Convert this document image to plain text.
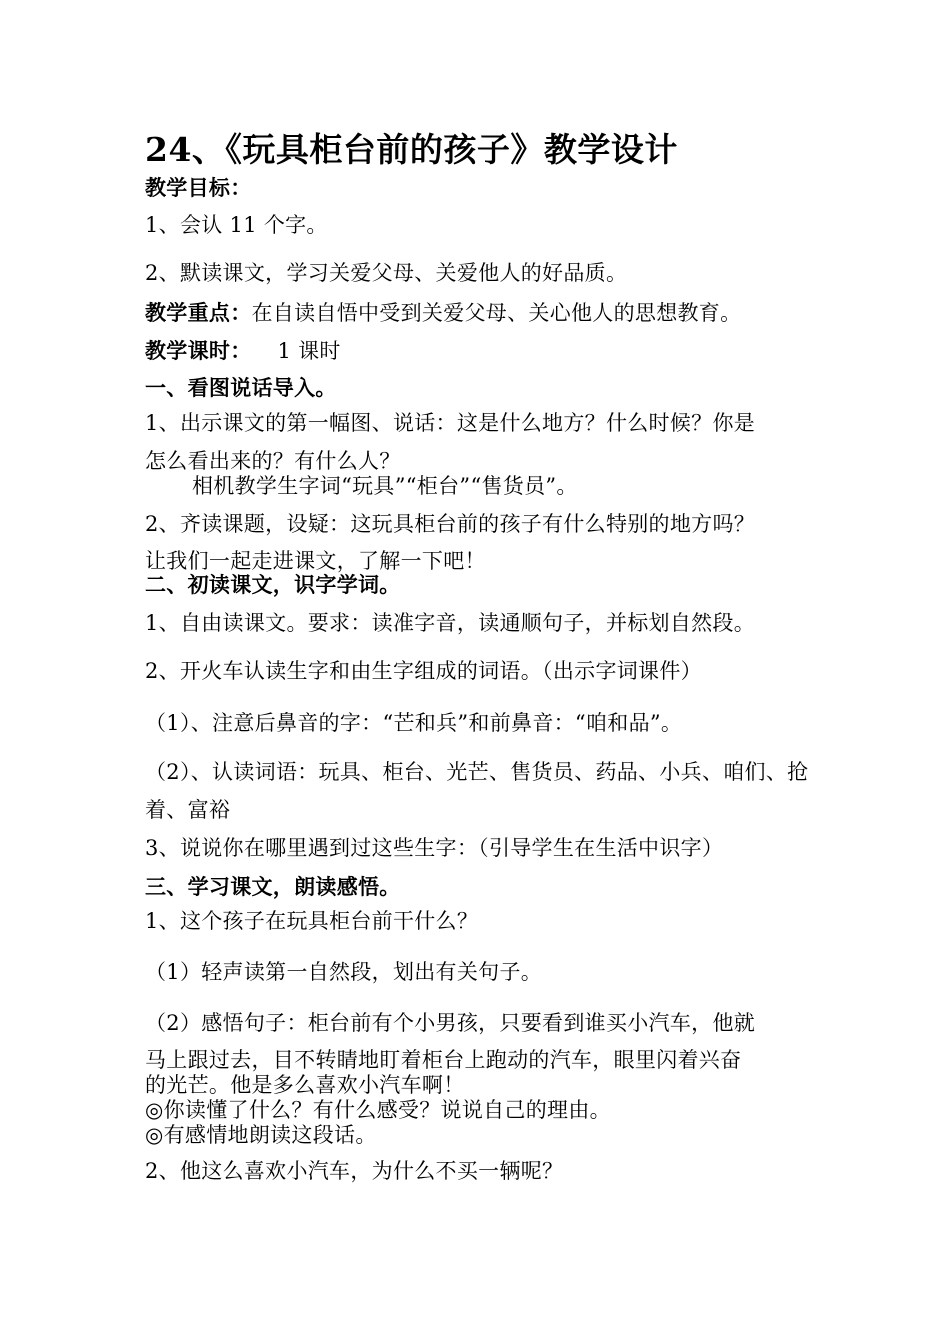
24、《玩具柜台前的孩子》教学设计
教学目标：
1、会认 11 个字。
2、默读课文，学习关爱父母、关爱他人的好品质。
教学重点：在自读自悟中受到关爱父母、关心他人的思想教育。
教学课时： 1 课时
一、看图说话导入。
1、出示课文的第一幅图、说话：这是什么地方？什么时候？你是
怎么看出来的？有什么人？
相机教学生字词“玩具”“柜台”“售货员”。
2、齐读课题，设疑：这玩具柜台前的孩子有什么特别的地方吗？
让我们一起走进课文，了解一下吧！
二、初读课文，识字学词。
1、自由读课文。要求：读准字音，读通顺句子，并标划自然段。
2、开火车认读生字和由生字组成的词语。（出示字词课件）
（1）、注意后鼻音的字：“芒和兵”和前鼻音：“咱和品”。
（2）、认读词语：玩具、柜台、光芒、售货员、药品、小兵、咱们、抢
着、富裕
3、说说你在哪里遇到过这些生字：（引导学生在生活中识字）
三、学习课文，朗读感悟。
1、这个孩子在玩具柜台前干什么？
（1）轻声读第一自然段，划出有关句子。
（2）感悟句子：柜台前有个小男孩，只要看到谁买小汽车，他就
马上跟过去，目不转睛地盯着柜台上跑动的汽车，眼里闪着兴奋
的光芒。他是多么喜欢小汽车啊！
◎你读懂了什么？有什么感受？说说自己的理由。
◎有感情地朗读这段话。
2、他这么喜欢小汽车，为什么不买一辆呢？
